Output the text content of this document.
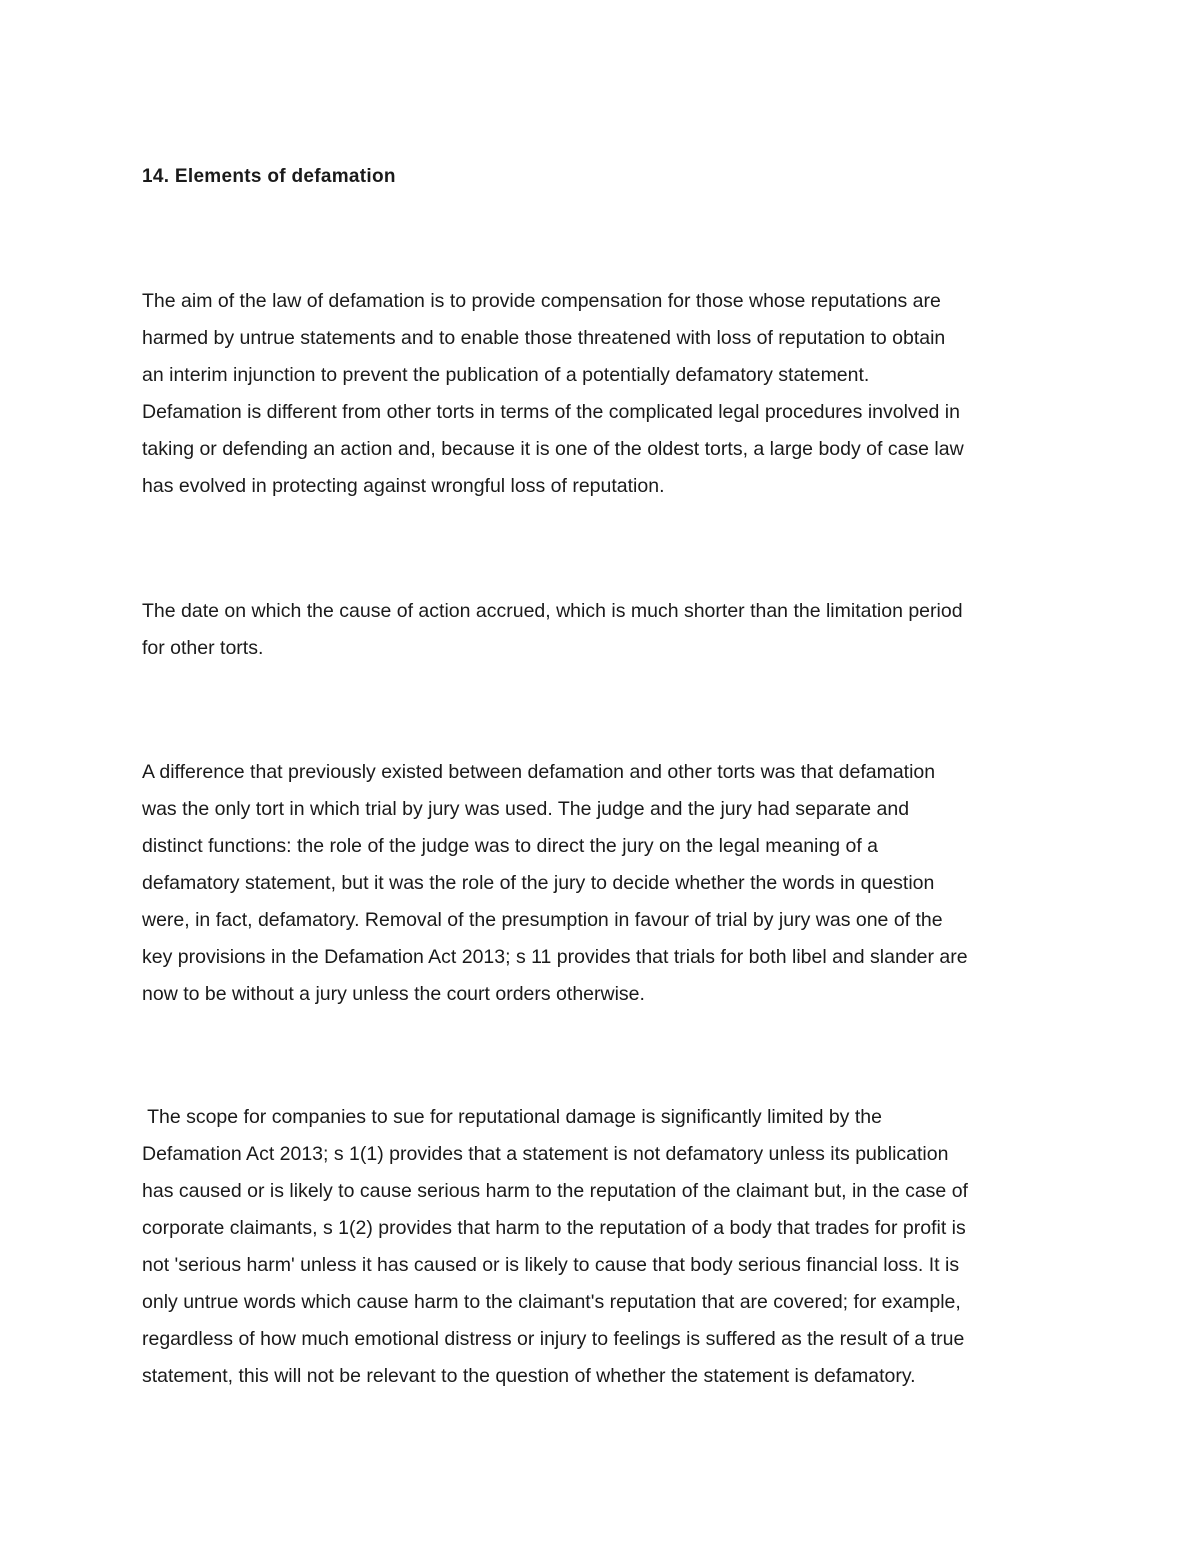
14. Elements of defamation

The aim of the law of defamation is to provide compensation for those whose reputations are
harmed by untrue statements and to enable those threatened with loss of reputation to obtain
an interim injunction to prevent the publication of a potentially defamatory statement.
Defamation is different from other torts in terms of the complicated legal procedures involved in
taking or defending an action and, because it is one of the oldest torts, a large body of case law
has evolved in protecting against wrongful loss of reputation.

The date on which the cause of action accrued, which is much shorter than the limitation period
for other torts.

A difference that previously existed between defamation and other torts was that defamation
was the only tort in which trial by jury was used. The judge and the jury had separate and
distinct functions: the role of the judge was to direct the jury on the legal meaning of a
defamatory statement, but it was the role of the jury to decide whether the words in question
were, in fact, defamatory. Removal of the presumption in favour of trial by jury was one of the
key provisions in the Defamation Act 2013; s 11 provides that trials for both libel and slander are
now to be without a jury unless the court orders otherwise.

The scope for companies to sue for reputational damage is significantly limited by the
Defamation Act 2013; s 1(1) provides that a statement is not defamatory unless its publication
has caused or is likely to cause serious harm to the reputation of the claimant but, in the case of
corporate claimants, s 1(2) provides that harm to the reputation of a body that trades for profit is
not 'serious harm' unless it has caused or is likely to cause that body serious financial loss. It is
only untrue words which cause harm to the claimant's reputation that are covered; for example,
regardless of how much emotional distress or injury to feelings is suffered as the result of a true
statement, this will not be relevant to the question of whether the statement is defamatory.
